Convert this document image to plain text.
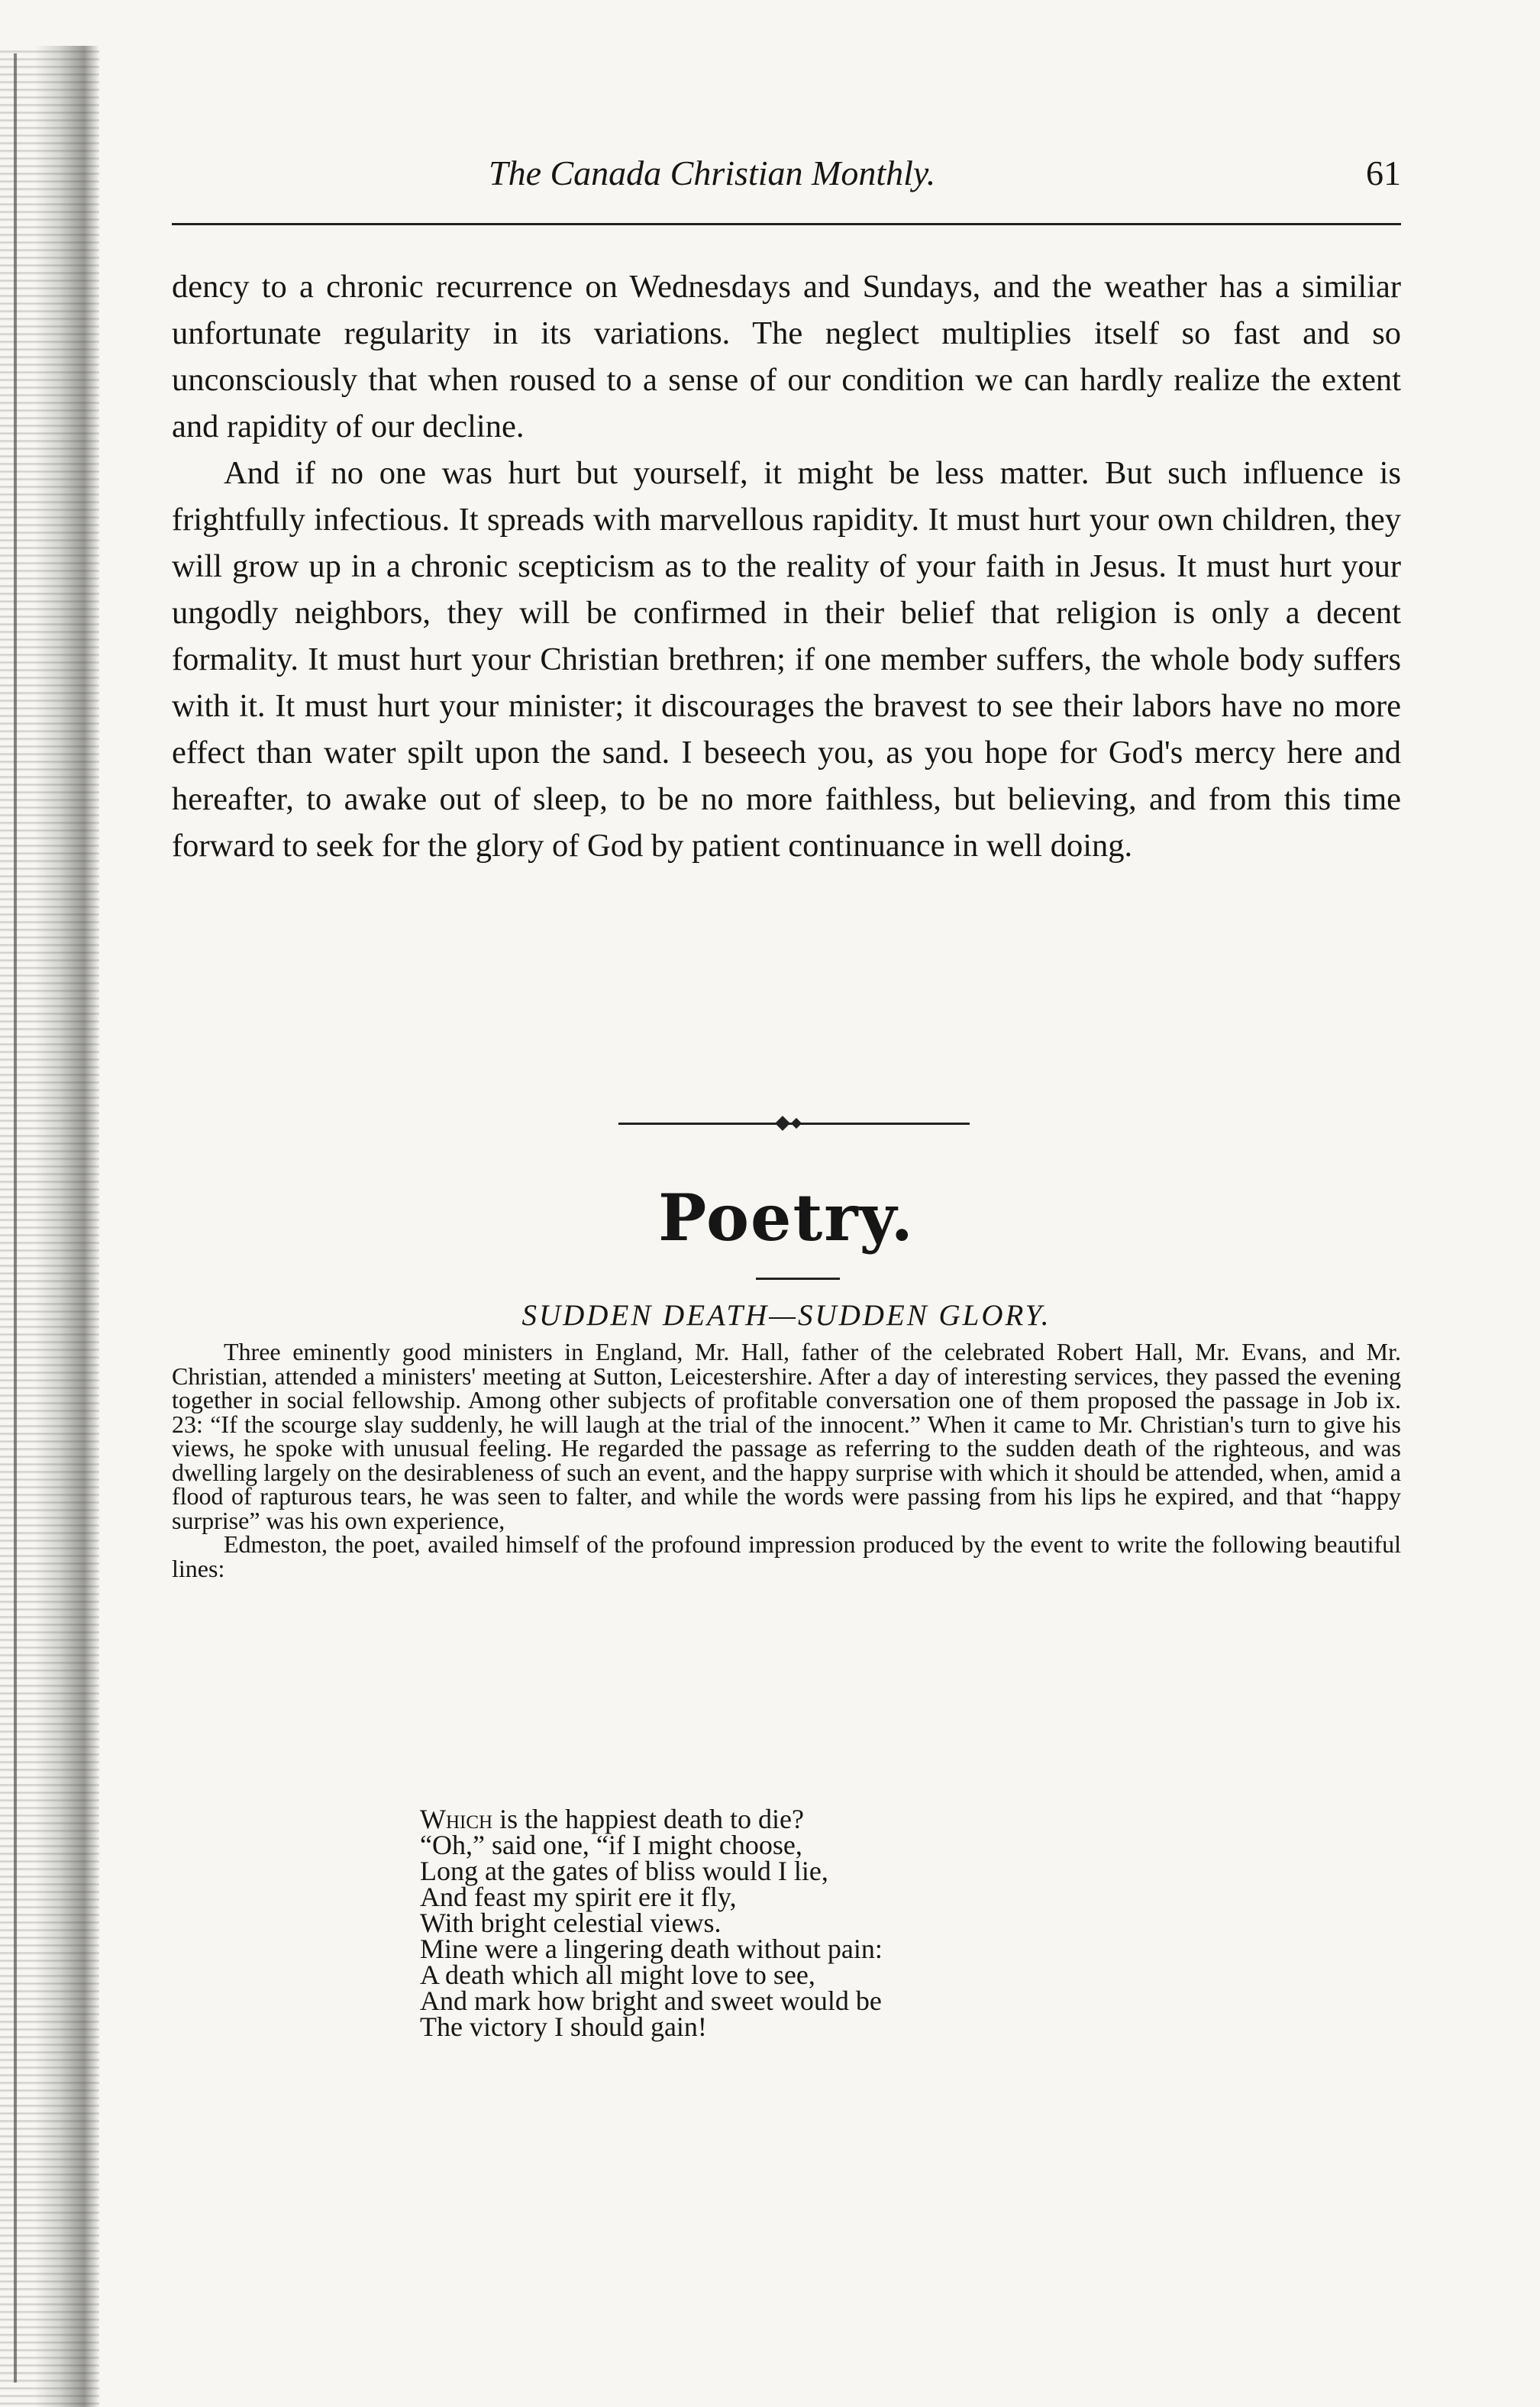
The Canada Christian Monthly.	61

dency to a chronic recurrence on Wednesdays and Sundays, and the weather has a similiar unfortunate regularity in its variations. The neglect multiplies itself so fast and so unconsciously that when roused to a sense of our condition we can hardly realize the extent and rapidity of our decline.

And if no one was hurt but yourself, it might be less matter. But such influence is frightfully infectious. It spreads with marvellous rapidity. It must hurt your own children, they will grow up in a chronic scepticism as to the reality of your faith in Jesus. It must hurt your ungodly neighbors, they will be confirmed in their belief that religion is only a decent formality. It must hurt your Christian brethren; if one member suffers, the whole body suffers with it. It must hurt your minister; it discourages the bravest to see their labors have no more effect than water spilt upon the sand. I beseech you, as you hope for God's mercy here and hereafter, to awake out of sleep, to be no more faithless, but believing, and from this time forward to seek for the glory of God by patient continuance in well doing.

Poetry.
SUDDEN DEATH—SUDDEN GLORY.

Three eminently good ministers in England, Mr. Hall, father of the celebrated Robert Hall, Mr. Evans, and Mr. Christian, attended a ministers' meeting at Sutton, Leicestershire. After a day of interesting services, they passed the evening together in social fellowship. Among other subjects of profitable conversation one of them proposed the passage in Job ix. 23: “If the scourge slay suddenly, he will laugh at the trial of the innocent.” When it came to Mr. Christian's turn to give his views, he spoke with unusual feeling. He regarded the passage as referring to the sudden death of the righteous, and was dwelling largely on the desirableness of such an event, and the happy surprise with which it should be attended, when, amid a flood of rapturous tears, he was seen to falter, and while the words were passing from his lips he expired, and that “happy surprise” was his own experience,

Edmeston, the poet, availed himself of the profound impression produced by the event to write the following beautiful lines:

Which is the happiest death to die?
“Oh,” said one, “if I might choose,
Long at the gates of bliss would I lie,
And feast my spirit ere it fly,
With bright celestial views.
Mine were a lingering death without pain:
A death which all might love to see,
And mark how bright and sweet would be
The victory I should gain!
